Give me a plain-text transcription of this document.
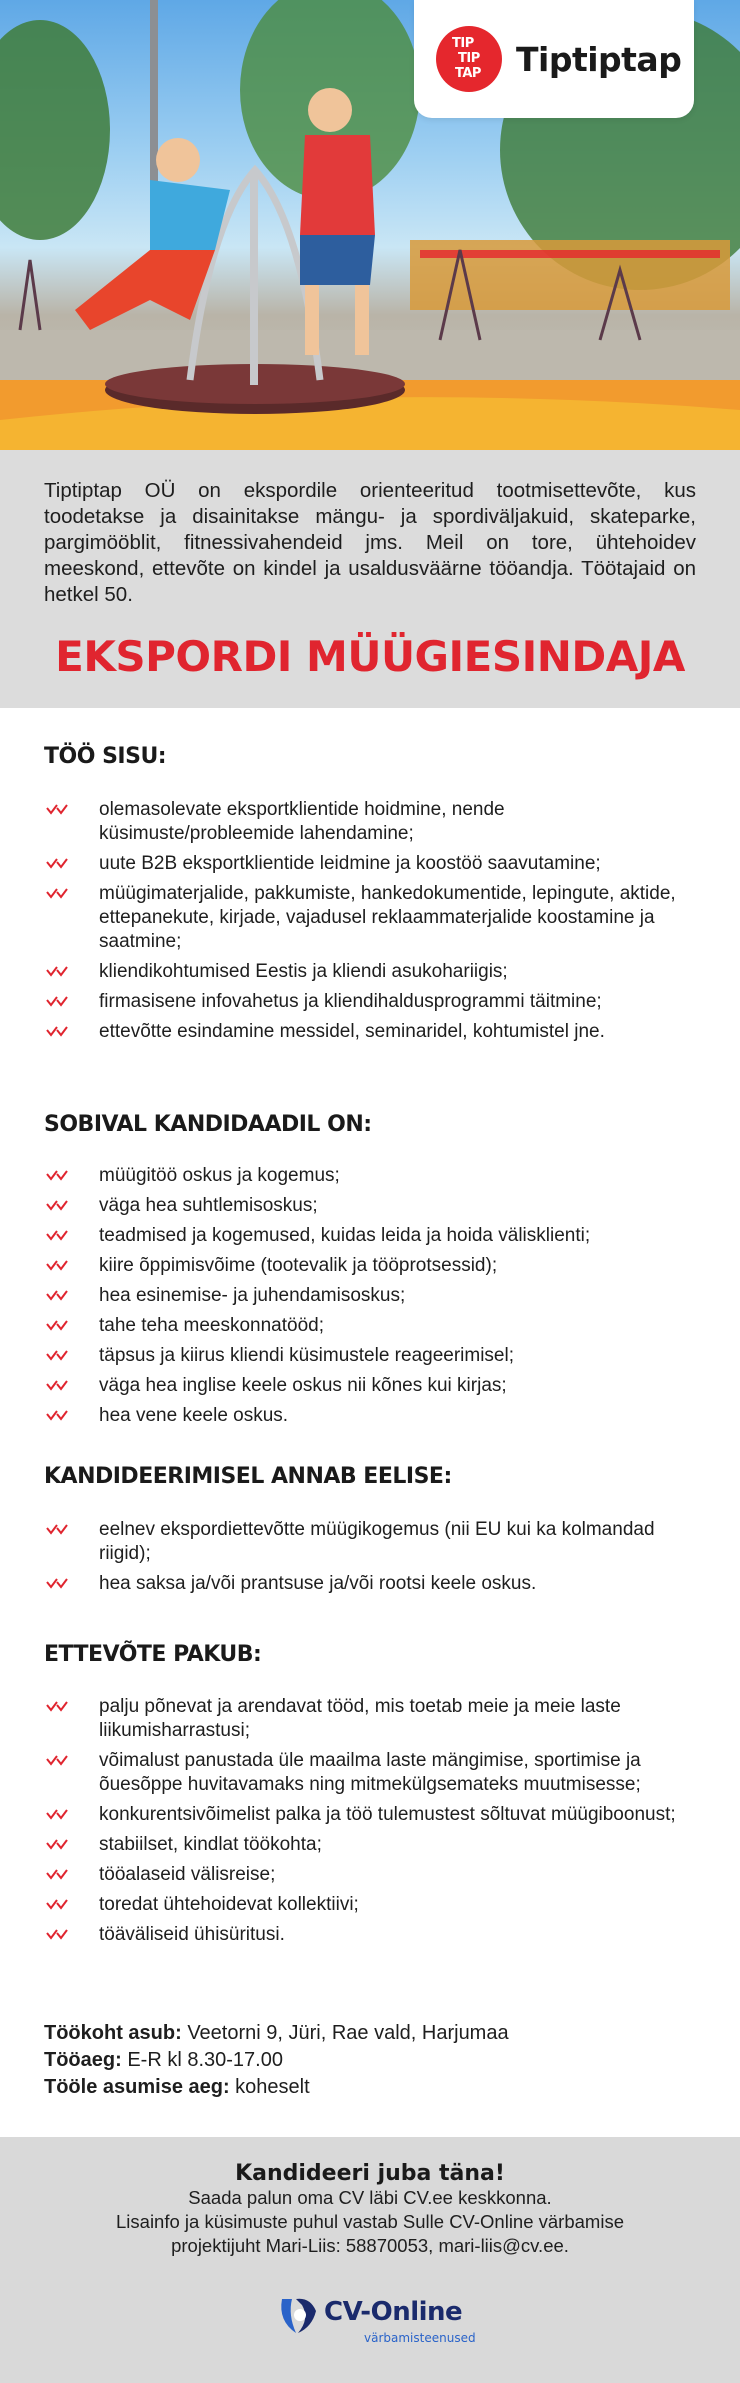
TIP
TIP
TAP Tiptiptap

Tiptiptap OÜ on ekspordile orienteeritud tootmisettevõte, kus toodetakse ja disainitakse mängu- ja spordiväljakuid, skateparke, pargimööblit, fitnessivahendeid jms. Meil on tore, ühtehoidev meeskond, ettevõte on kindel ja usaldusväärne tööandja. Töötajaid on hetkel 50.

EKSPORDI MÜÜGIESINDAJA
TÖÖ SISU:
olemasolevate eksportklientide hoidmine, nende küsimuste/probleemide lahendamine;
uute B2B eksportklientide leidmine ja koostöö saavutamine;
müügimaterjalide, pakkumiste, hankedokumentide, lepingute, aktide, ettepanekute, kirjade, vajadusel reklaammaterjalide koostamine ja saatmine;
kliendikohtumised Eestis ja kliendi asukohariigis;
firmasisene infovahetus ja kliendihaldusprogrammi täitmine;
ettevõtte esindamine messidel, seminaridel, kohtumistel jne.
SOBIVAL KANDIDAADIL ON:
müügitöö oskus ja kogemus;
väga hea suhtlemisoskus;
teadmised ja kogemused, kuidas leida ja hoida välisklienti;
kiire õppimisvõime (tootevalik ja tööprotsessid);
hea esinemise- ja juhendamisoskus;
tahe teha meeskonnatööd;
täpsus ja kiirus kliendi küsimustele reageerimisel;
väga hea inglise keele oskus nii kõnes kui kirjas;
hea vene keele oskus.
KANDIDEERIMISEL ANNAB EELISE:
eelnev ekspordiettevõtte müügikogemus (nii EU kui ka kolmandad riigid);
hea saksa ja/või prantsuse ja/või rootsi keele oskus.
ETTEVÕTE PAKUB:
palju põnevat ja arendavat tööd, mis toetab meie ja meie laste liikumisharrastusi;
võimalust panustada üle maailma laste mängimise, sportimise ja õuesõppe huvitavamaks ning mitmekülgsemateks muutmisesse;
konkurentsivõimelist palka ja töö tulemustest sõltuvat müügiboonust;
stabiilset, kindlat töökohta;
tööalaseid välisreise;
toredat ühtehoidevat kollektiivi;
töäväliseid ühisüritusi.
Töökoht asub: Veetorni 9, Jüri, Rae vald, Harjumaa
Tööaeg: E-R kl 8.30-17.00
Tööle asumise aeg: koheselt
Kandideeri juba täna!
Saada palun oma CV läbi CV.ee keskkonna.
Lisainfo ja küsimuste puhul vastab Sulle CV-Online värbamise
projektijuht Mari-Liis: 58870053, mari-liis@cv.ee.
CV-Online
värbamisteenused
